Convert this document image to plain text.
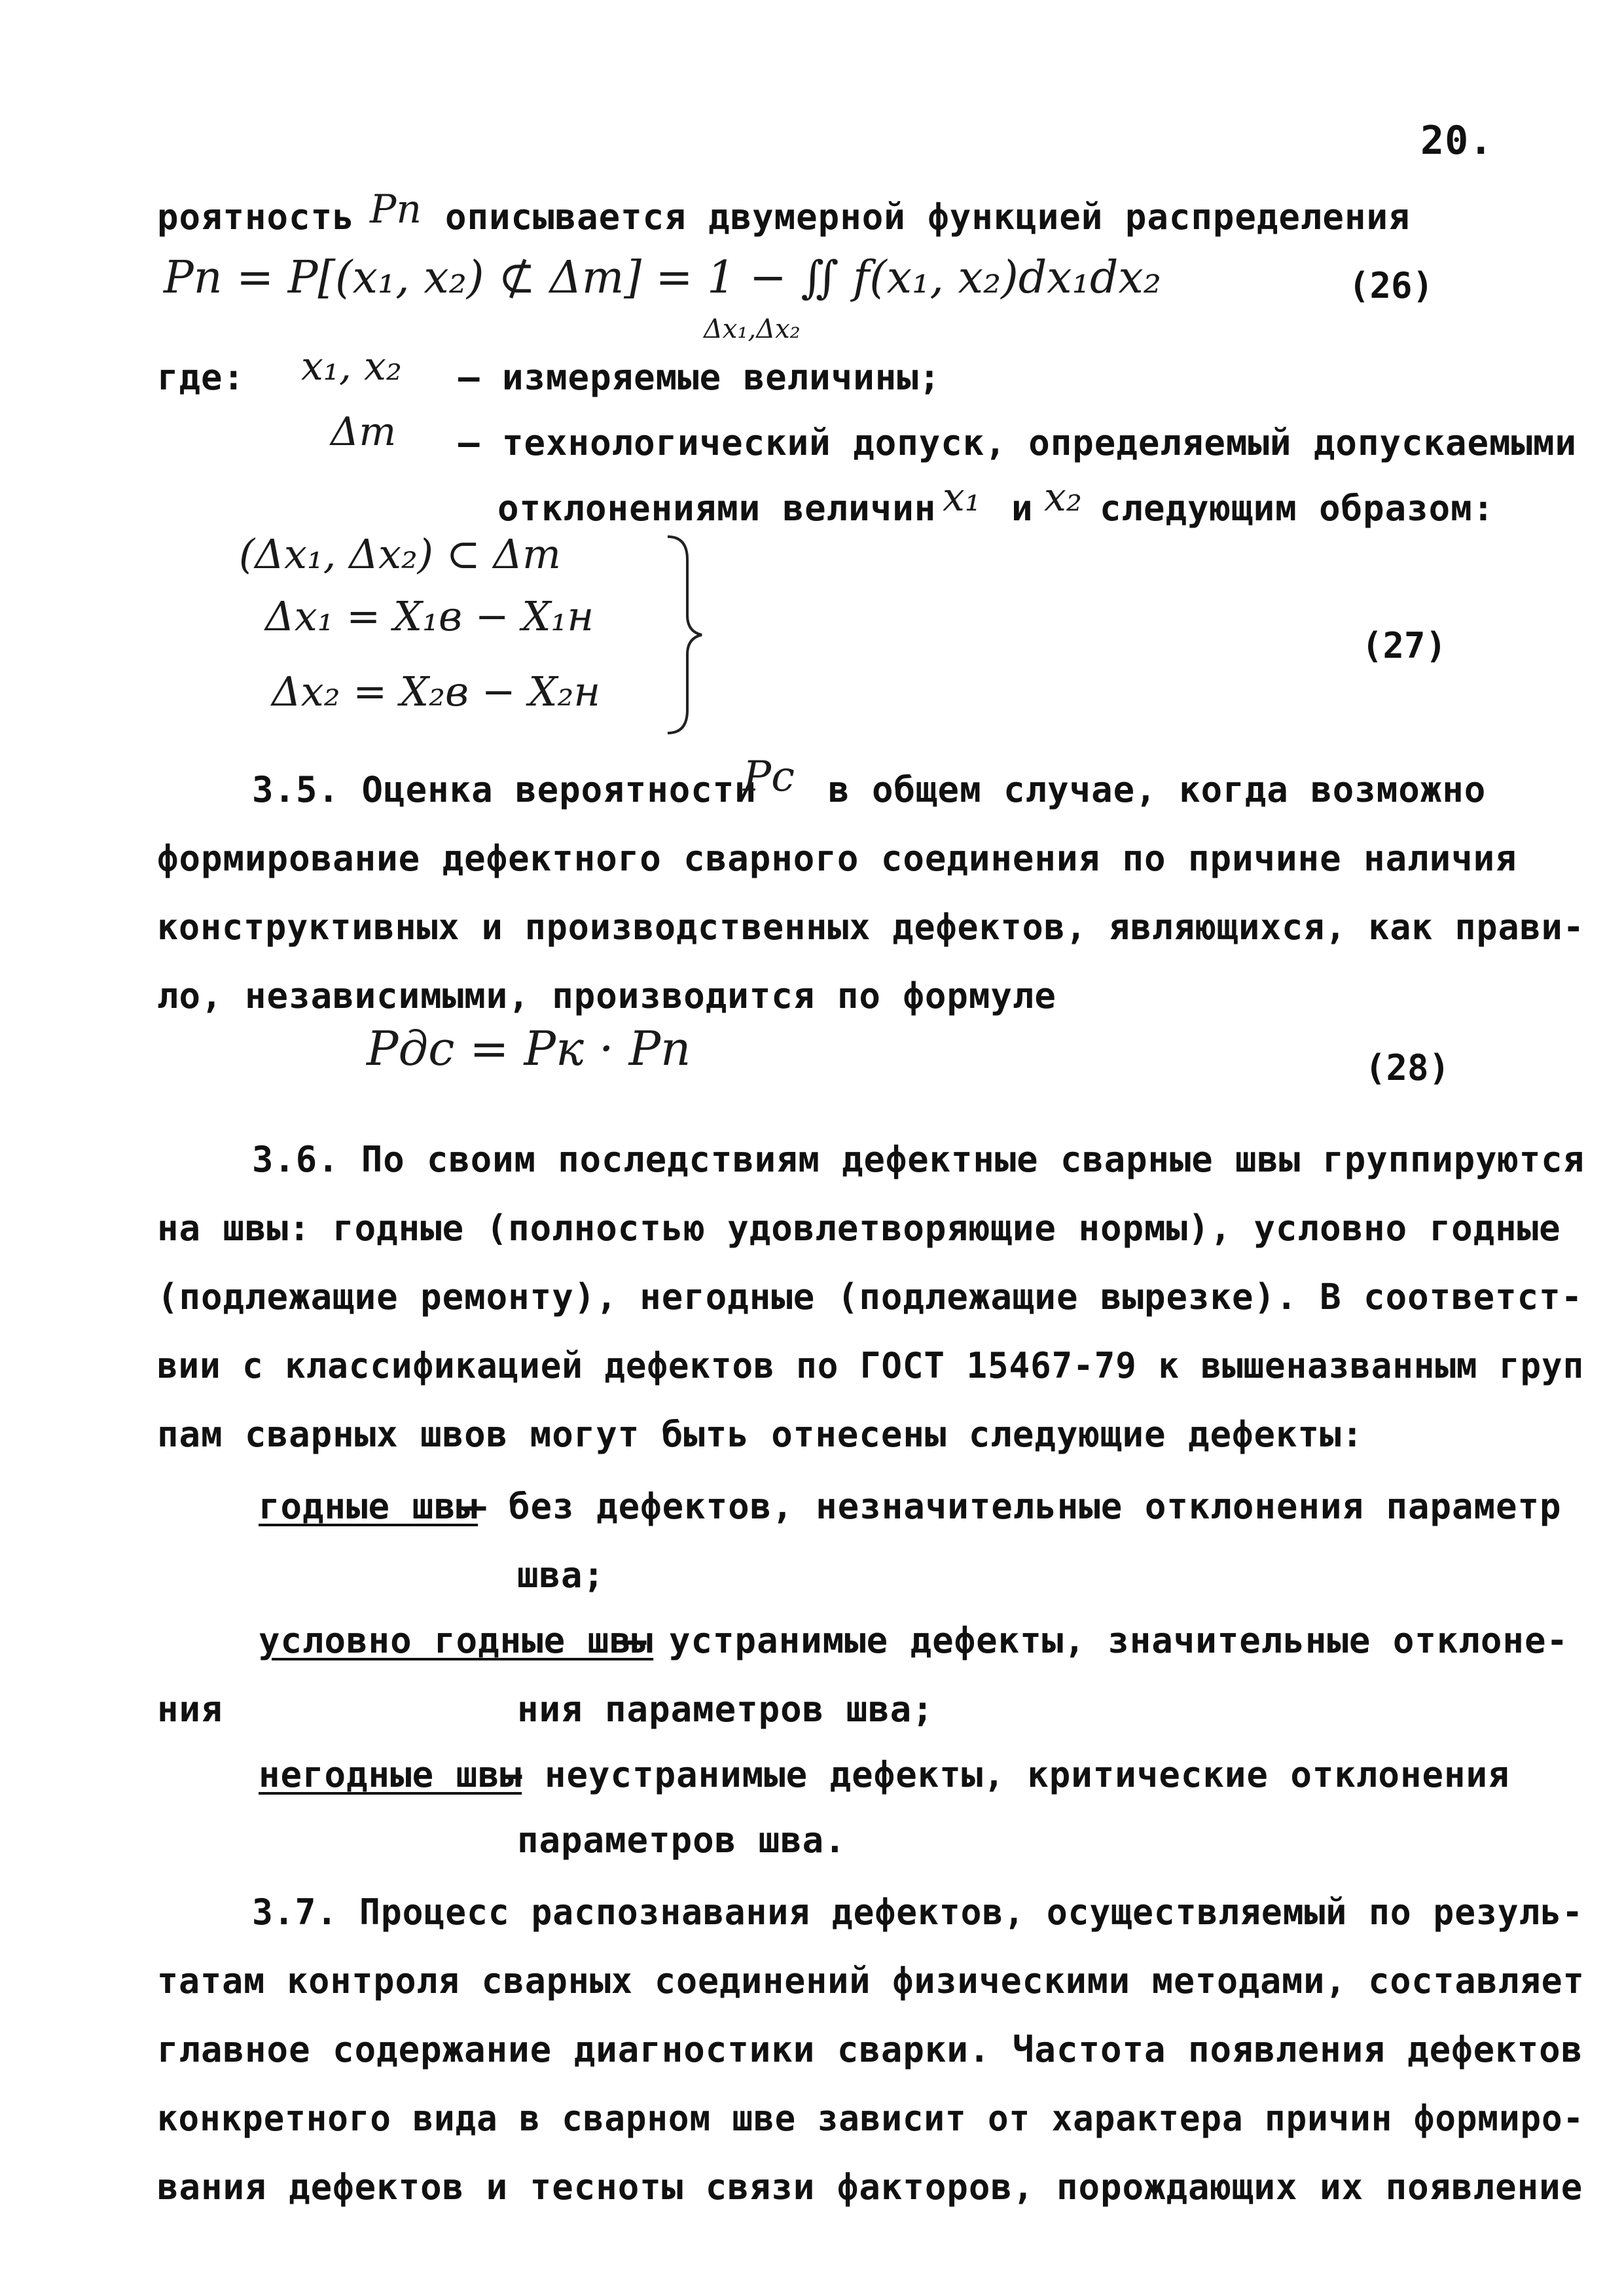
20.
роятность Pп описывается двумерной функцией распределения
Pп = P[(x₁, x₂) ⊄ Δт] = 1 − ∬ f(x₁, x₂)dx₁dx₂
Δx₁,Δx₂
(26)
где: x₁, x₂ – измеряемые величины;
Δт – технологический допуск, определяемый допускаемыми
отклонениями величин x₁ и x₂ следующим образом:
(Δx₁, Δx₂) ⊂ Δт
Δx₁ = X₁в − X₁н
Δx₂ = X₂в − X₂н
(27)
3.5. Оценка вероятности
Pс в общем случае, когда возможно
формирование дефектного сварного соединения по причине наличия
конструктивных и производственных дефектов, являющихся, как прави-
ло, независимыми, производится по формуле
Pдс = Pк · Pп	(28)
3.6. По своим последствиям дефектные сварные швы группируются
на швы: годные (полностью удовлетворяющие нормы), условно годные
(подлежащие ремонту), негодные (подлежащие вырезке). В соответст-
вии с классификацией дефектов по ГОСТ 15467-79 к вышеназванным груп
пам сварных швов могут быть отнесены следующие дефекты:
годные швы
– без дефектов, незначительные отклонения параметр
шва;
условно годные швы
– устранимые дефекты, значительные отклоне-
ния	ния параметров шва;
негодные швы
– неустранимые дефекты, критические отклонения
параметров шва.
3.7. Процесс распознавания дефектов, осуществляемый по резуль-
татам контроля сварных соединений физическими методами, составляет
главное содержание диагностики сварки. Частота появления дефектов
конкретного вида в сварном шве зависит от характера причин формиро-
вания дефектов и тесноты связи факторов, порождающих их появление
